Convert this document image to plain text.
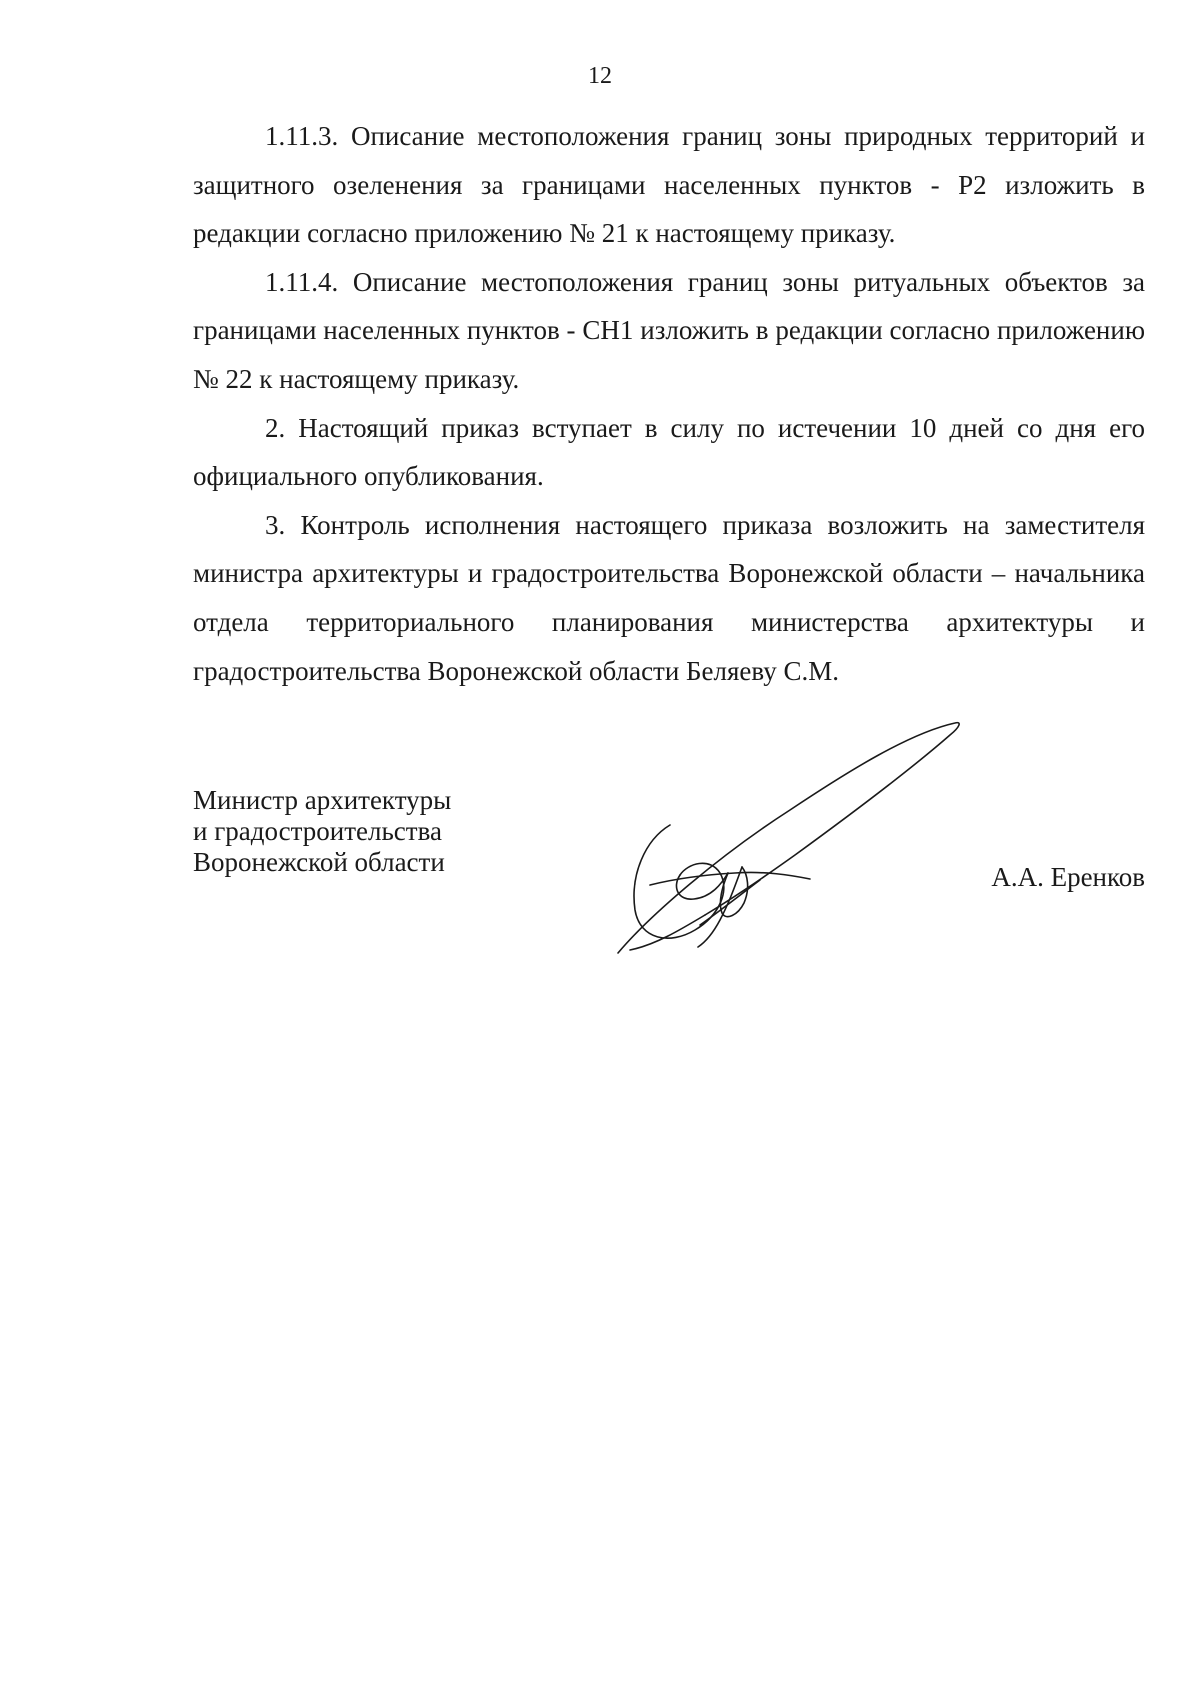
12

1.11.3. Описание местоположения границ зоны природных территорий и защитного озеленения за границами населенных пунктов - Р2 изложить в редакции согласно приложению № 21 к настоящему приказу.

1.11.4. Описание местоположения границ зоны ритуальных объектов за границами населенных пунктов - СН1 изложить в редакции согласно приложению № 22 к настоящему приказу.

2. Настоящий приказ вступает в силу по истечении 10 дней со дня его официального опубликования.

3. Контроль исполнения настоящего приказа возложить на заместителя министра архитектуры и градостроительства Воронежской области – начальника отдела территориального планирования министерства архитектуры и градостроительства Воронежской области Беляеву С.М.

Министр архитектуры
и градостроительства
Воронежской области	А.А. Еренков
